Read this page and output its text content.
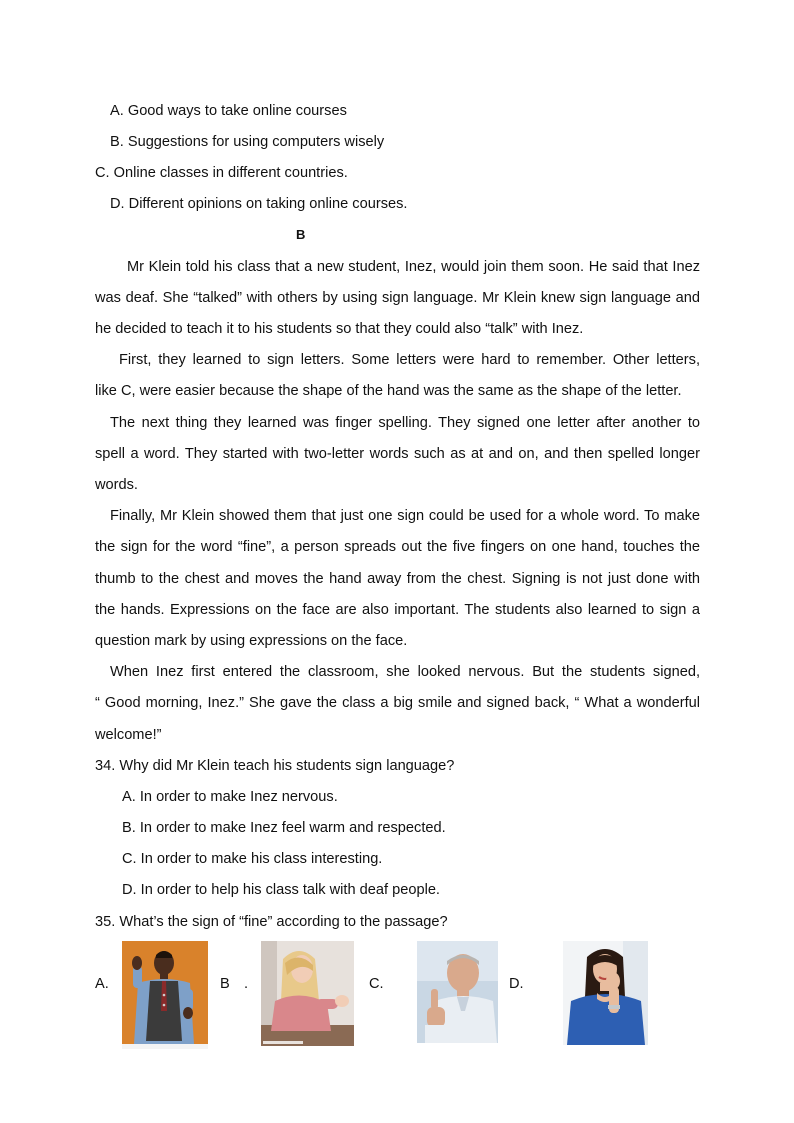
A. Good ways to take online courses
B. Suggestions for using computers wisely
C. Online classes in different countries.
D. Different opinions on taking online courses.
B
Mr Klein told his class that a new student, Inez, would join them soon. He said that Inez
was deaf. She “talked” with others by using sign language. Mr Klein knew sign language and
he decided to teach it to his students so that they could also “talk” with Inez.
First, they learned to sign letters. Some letters were hard to remember. Other letters,
like C, were easier because the shape of the hand was the same as the shape of the letter.
The next thing they learned was finger spelling. They signed one letter after another to
spell a word. They started with two-letter words such as at and on, and then spelled longer
words.
Finally, Mr Klein showed them that just one sign could be used for a whole word. To make
the sign for the word “fine”, a person spreads out the five fingers on one hand, touches the
thumb to the chest and moves the hand away from the chest. Signing is not just done with
the hands. Expressions on the face are also important. The students also learned to sign a
question mark by using expressions on the face.
When Inez first entered the classroom, she looked nervous. But the students signed,
“ Good morning, Inez.” She gave the class a big smile and signed back, “ What a wonderful
welcome!”
34. Why did Mr Klein teach his students sign language?
A. In order to make Inez nervous.
B. In order to make Inez feel warm and respected.
C. In order to make his class interesting.
D. In order to help his class talk with deaf people.
35. What’s the sign of “fine” according to the passage?
A.	B .	C.	D.
